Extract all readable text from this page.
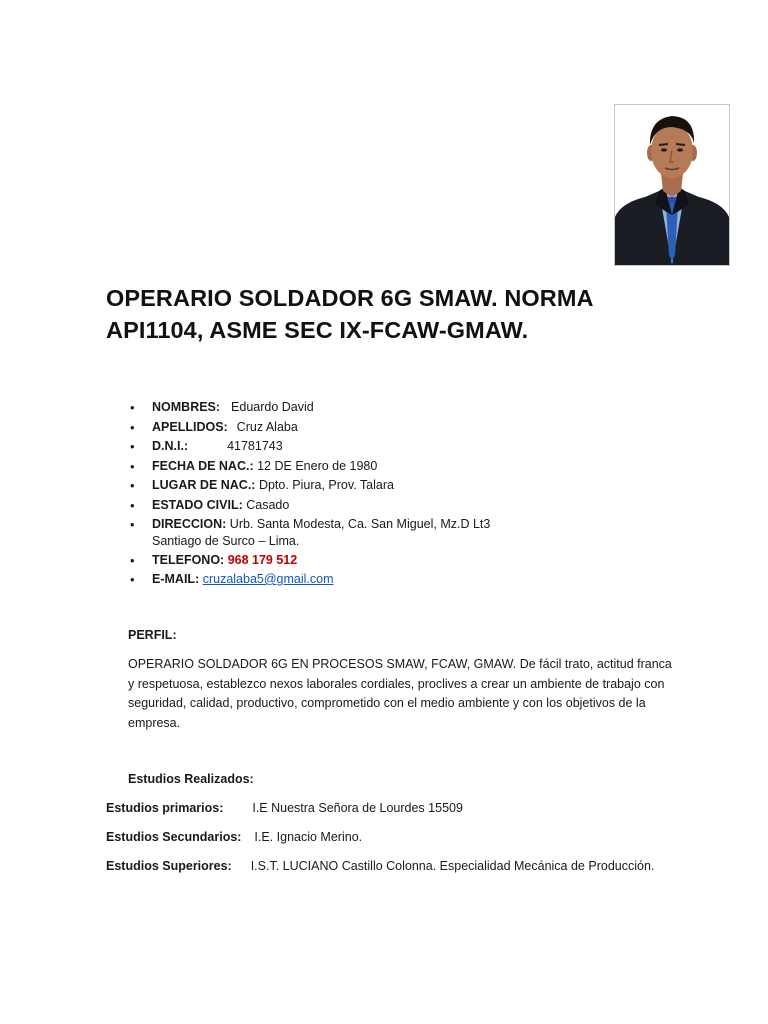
OPERARIO SOLDADOR 6G SMAW. NORMA
API1104, ASME SEC IX-FCAW-GMAW.
• NOMBRES: Eduardo David
• APELLIDOS: Cruz Alaba
• D.N.I.:	41781743
• FECHA DE NAC.: 12 DE Enero de 1980
• LUGAR DE NAC.: Dpto. Piura, Prov. Talara
• ESTADO CIVIL: Casado
• DIRECCION: Urb. Santa Modesta, Ca. San Miguel, Mz.D Lt3
Santiago de Surco – Lima.
• TELEFONO: 968 179 512
• E-MAIL: cruzalaba5@gmail.com

PERFIL:

OPERARIO SOLDADOR 6G EN PROCESOS SMAW, FCAW, GMAW. De fácil trato, actitud franca y respetuosa, establezco nexos laborales cordiales, proclives a crear un ambiente de trabajo con seguridad, calidad, productivo, comprometido con el medio ambiente y con los objetivos de la empresa.

Estudios Realizados:

Estudios primarios: I.E Nuestra Señora de Lourdes 15509

Estudios Secundarios: I.E. Ignacio Merino.

Estudios Superiores: I.S.T. LUCIANO Castillo Colonna. Especialidad Mecánica de Producción.
